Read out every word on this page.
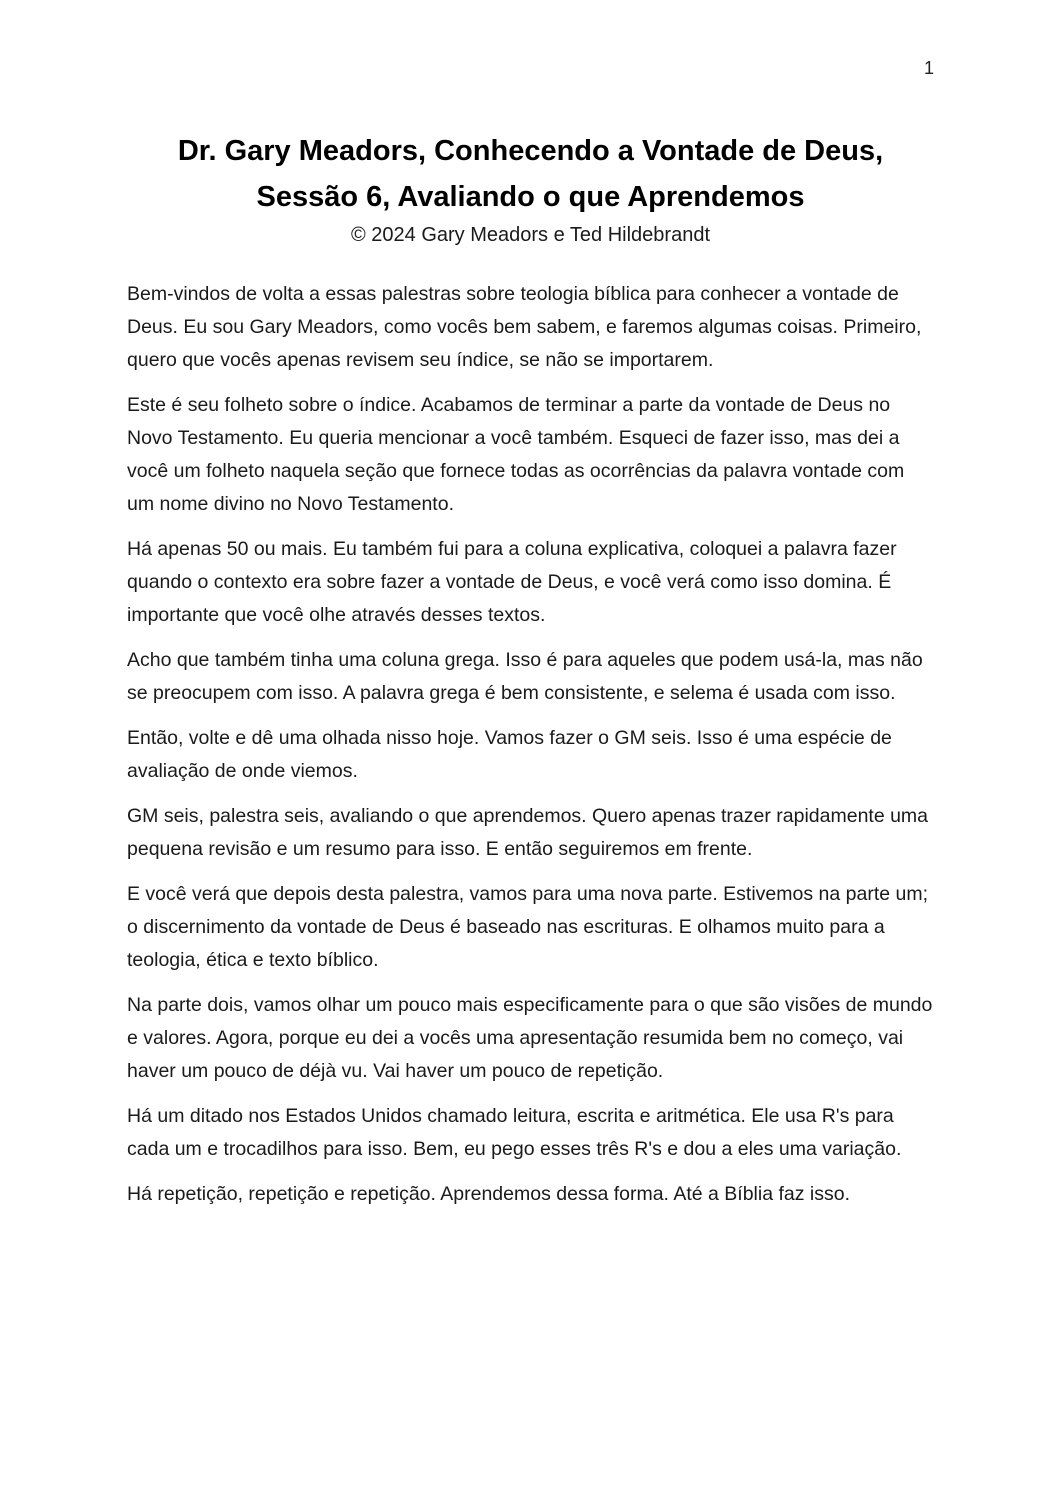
1
Dr. Gary Meadors, Conhecendo a Vontade de Deus,
Sessão 6, Avaliando o que Aprendemos
© 2024 Gary Meadors e Ted Hildebrandt

Bem-vindos de volta a essas palestras sobre teologia bíblica para conhecer a vontade de Deus. Eu sou Gary Meadors, como vocês bem sabem, e faremos algumas coisas. Primeiro, quero que vocês apenas revisem seu índice, se não se importarem.

Este é seu folheto sobre o índice. Acabamos de terminar a parte da vontade de Deus no Novo Testamento. Eu queria mencionar a você também. Esqueci de fazer isso, mas dei a você um folheto naquela seção que fornece todas as ocorrências da palavra vontade com um nome divino no Novo Testamento.

Há apenas 50 ou mais. Eu também fui para a coluna explicativa, coloquei a palavra fazer quando o contexto era sobre fazer a vontade de Deus, e você verá como isso domina. É importante que você olhe através desses textos.

Acho que também tinha uma coluna grega. Isso é para aqueles que podem usá-la, mas não se preocupem com isso. A palavra grega é bem consistente, e selema é usada com isso.

Então, volte e dê uma olhada nisso hoje. Vamos fazer o GM seis. Isso é uma espécie de avaliação de onde viemos.

GM seis, palestra seis, avaliando o que aprendemos. Quero apenas trazer rapidamente uma pequena revisão e um resumo para isso. E então seguiremos em frente.

E você verá que depois desta palestra, vamos para uma nova parte. Estivemos na parte um; o discernimento da vontade de Deus é baseado nas escrituras. E olhamos muito para a teologia, ética e texto bíblico.

Na parte dois, vamos olhar um pouco mais especificamente para o que são visões de mundo e valores. Agora, porque eu dei a vocês uma apresentação resumida bem no começo, vai haver um pouco de déjà vu. Vai haver um pouco de repetição.

Há um ditado nos Estados Unidos chamado leitura, escrita e aritmética. Ele usa R's para cada um e trocadilhos para isso. Bem, eu pego esses três R's e dou a eles uma variação.

Há repetição, repetição e repetição. Aprendemos dessa forma. Até a Bíblia faz isso.
